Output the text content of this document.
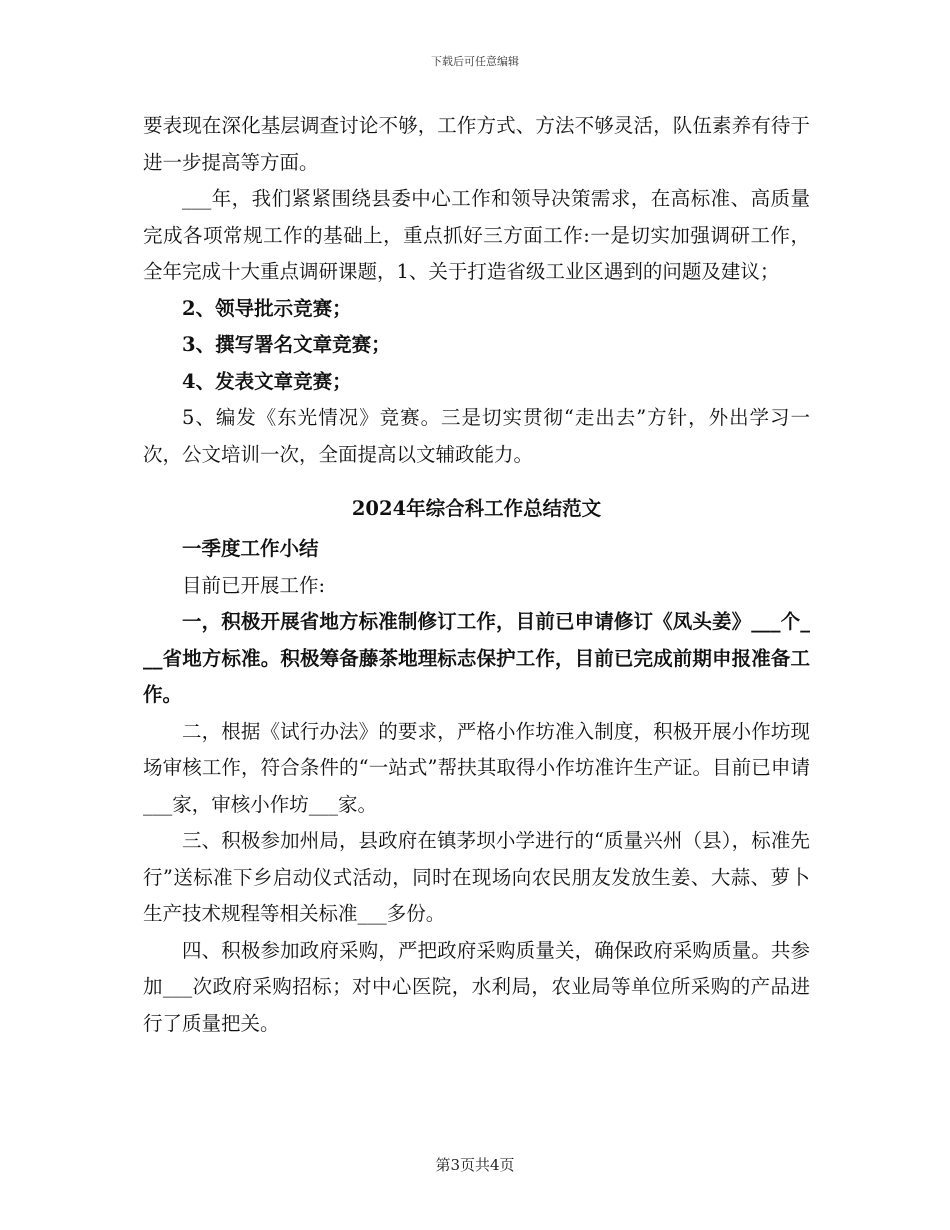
下载后可任意编辑

要表现在深化基层调查讨论不够，工作方式、方法不够灵活，队伍素养有待于进一步提高等方面。

___年，我们紧紧围绕县委中心工作和领导决策需求，在高标准、高质量完成各项常规工作的基础上，重点抓好三方面工作:一是切实加强调研工作，全年完成十大重点调研课题，1、关于打造省级工业区遇到的问题及建议；

2、领导批示竞赛；

3、撰写署名文章竞赛；

4、发表文章竞赛；

5、编发《东光情况》竞赛。三是切实贯彻“走出去”方针，外出学习一次，公文培训一次，全面提高以文辅政能力。

2024年综合科工作总结范文

一季度工作小结

目前已开展工作:

一，积极开展省地方标准制修订工作，目前已申请修订《凤头姜》___个___省地方标准。积极筹备藤茶地理标志保护工作，目前已完成前期申报准备工作。

二，根据《试行办法》的要求，严格小作坊准入制度，积极开展小作坊现场审核工作，符合条件的“一站式”帮扶其取得小作坊准许生产证。目前已申请___家，审核小作坊___家。

三、积极参加州局，县政府在镇茅坝小学进行的“质量兴州（县），标准先行”送标准下乡启动仪式活动，同时在现场向农民朋友发放生姜、大蒜、萝卜生产技术规程等相关标准___多份。

四、积极参加政府采购，严把政府采购质量关，确保政府采购质量。共参加___次政府采购招标；对中心医院，水利局，农业局等单位所采购的产品进行了质量把关。

第3页共4页
